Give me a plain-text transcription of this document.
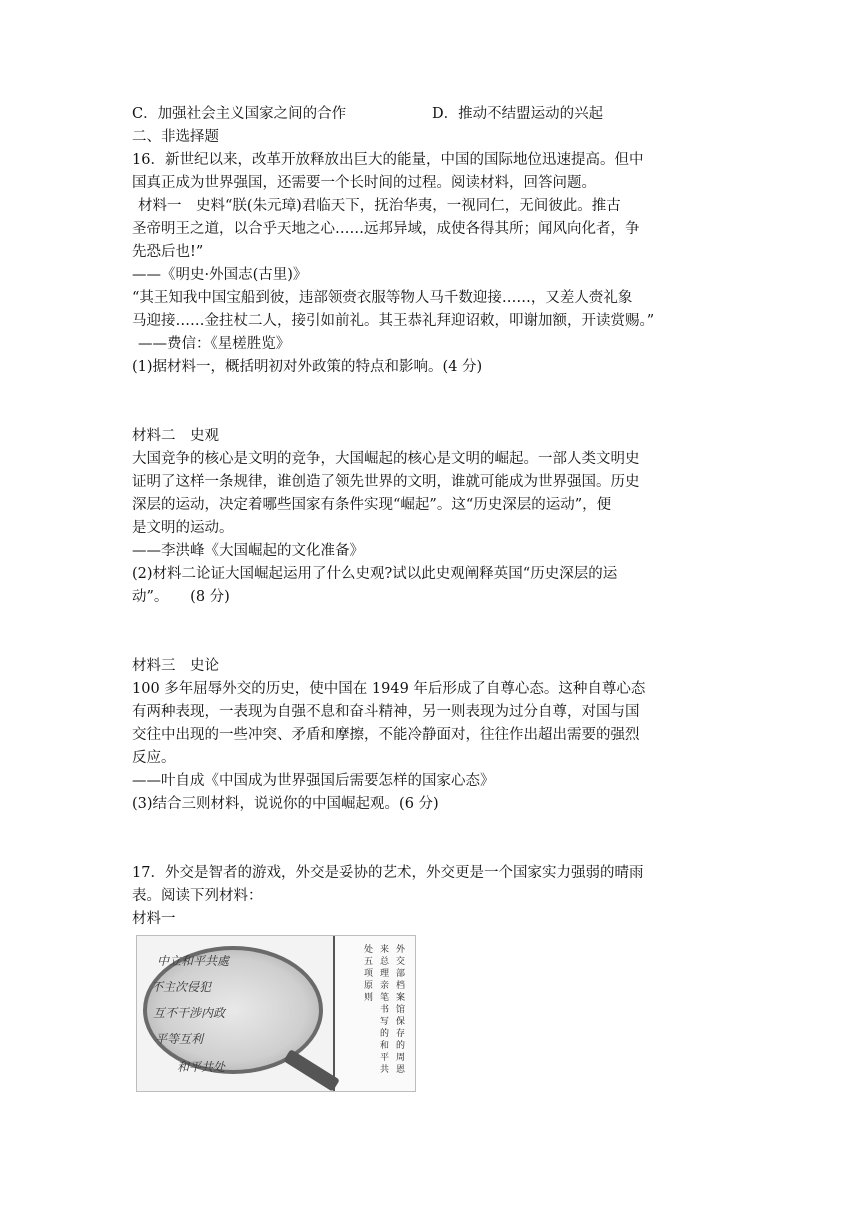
C．加强社会主义国家之间的合作	D．推动不结盟运动的兴起
二、非选择题
16．新世纪以来，改革开放释放出巨大的能量，中国的国际地位迅速提高。但中
国真正成为世界强国，还需要一个长时间的过程。阅读材料，回答问题。
材料一　史料“朕(朱元璋)君临天下，抚治华夷，一视同仁，无间彼此。推古
圣帝明王之道，以合乎天地之心……远邦异域，成使各得其所；闻风向化者，争
先恐后也!”
——《明史·外国志(古里)》
“其王知我中国宝船到彼，违部领赍衣服等物人马千数迎接……，又差人赍礼象
马迎接……金拄杖二人，接引如前礼。其王恭礼拜迎诏敕，叩谢加额，开读赏赐。”
——费信：《星槎胜览》
(1)据材料一，概括明初对外政策的特点和影响。(4 分)
材料二　史观
大国竞争的核心是文明的竞争，大国崛起的核心是文明的崛起。一部人类文明史
证明了这样一条规律，谁创造了领先世界的文明，谁就可能成为世界强国。历史
深层的运动，决定着哪些国家有条件实现“崛起”。这“历史深层的运动”，便
是文明的运动。
——李洪峰《大国崛起的文化准备》
(2)材料二论证大国崛起运用了什么史观?试以此史观阐释英国“历史深层的运
动”。　　(8 分)
材料三　史论
100 多年屈辱外交的历史，使中国在 1949 年后形成了自尊心态。这种自尊心态
有两种表现，一表现为自强不息和奋斗精神，另一则表现为过分自尊，对国与国
交往中出现的一些冲突、矛盾和摩擦，不能冷静面对，往往作出超出需要的强烈
反应。
——叶自成《中国成为世界强国后需要怎样的国家心态》
(3)结合三则材料，说说你的中国崛起观。(6 分)
17．外交是智者的游戏，外交是妥协的艺术，外交更是一个国家实力强弱的晴雨
表。阅读下列材料：
材料一
中立和平共處
不主次侵犯
互不干涉内政
平等互利
和平共处	外交部档案馆保存的周恩来总理亲笔书写的和平共处五项原则
